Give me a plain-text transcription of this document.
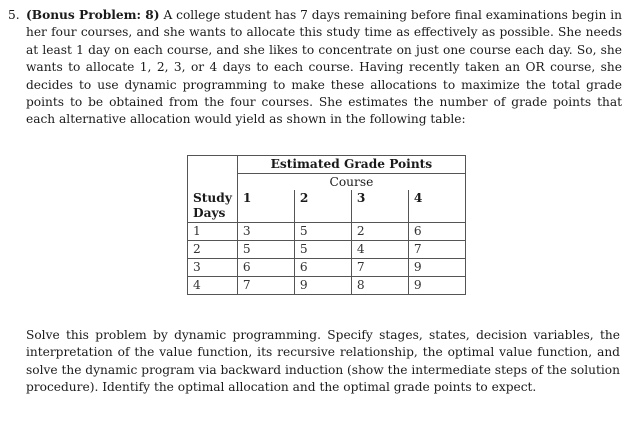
5. (Bonus Problem: 8) A college student has 7 days remaining before final examinations begin in her four courses, and she wants to allocate this study time as effectively as possible. She needs at least 1 day on each course, and she likes to concentrate on just one course each day. So, she wants to allocate 1, 2, 3, or 4 days to each course. Having recently taken an OR course, she decides to use dynamic programming to make these allocations to maximize the total grade points to be obtained from the four courses. She estimates the number of grade points that each alternative allocation would yield as shown in the following table:
	Estimated Grade Points			
	Course			
Study
Days	1	2	3	4
1	3	5	2	6
2	5	5	4	7
3	6	6	7	9
4	7	9	8	9
Solve this problem by dynamic programming. Specify stages, states, decision variables, the interpretation of the value function, its recursive relationship, the optimal value function, and solve the dynamic program via backward induction (show the intermediate steps of the solution procedure). Identify the optimal allocation and the optimal grade points to expect.
